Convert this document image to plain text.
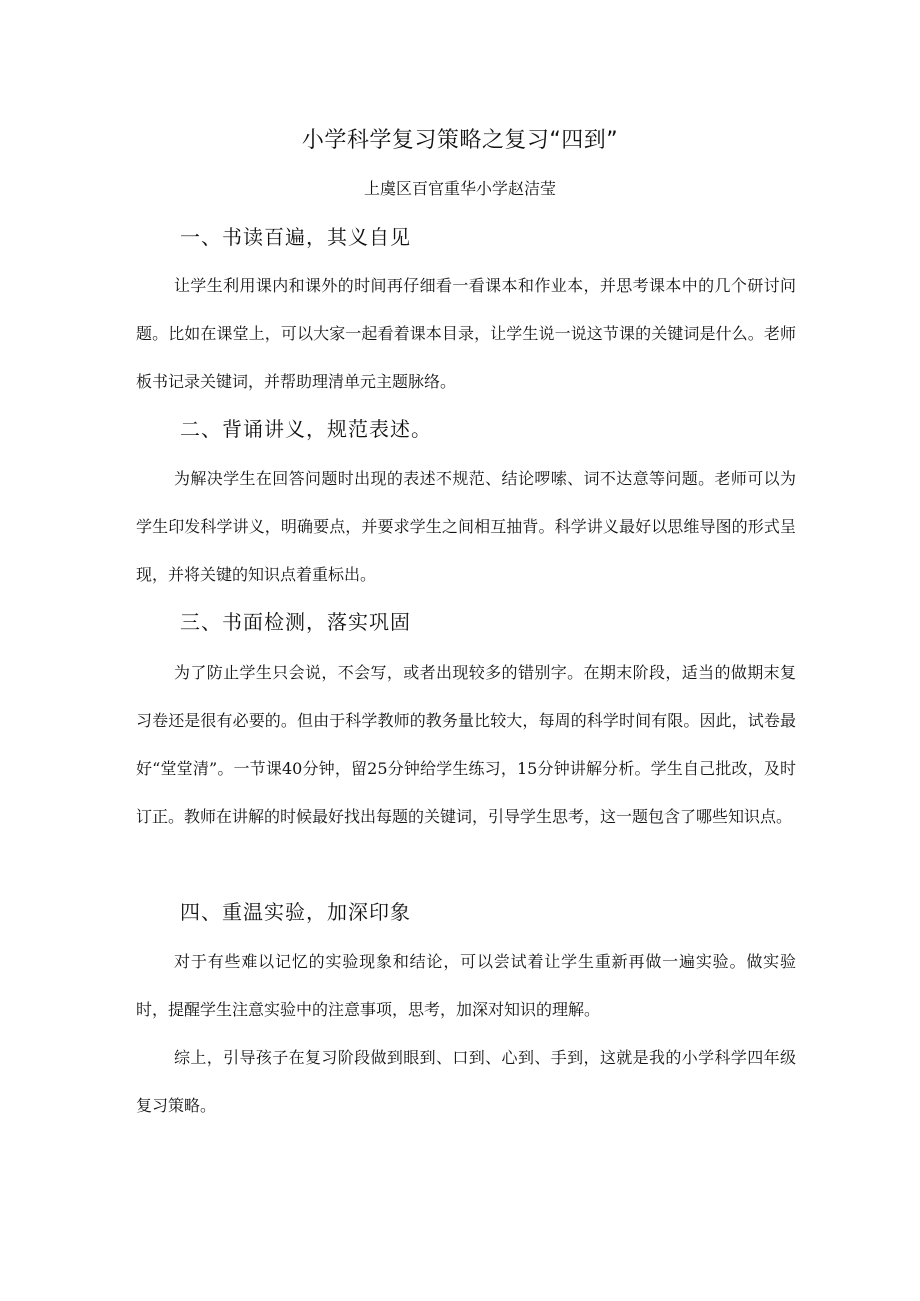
小学科学复习策略之复习“四到”

上虞区百官重华小学赵洁莹

一、书读百遍，其义自见

让学生利用课内和课外的时间再仔细看一看课本和作业本，并思考课本中的几个研讨问题。比如在课堂上，可以大家一起看着课本目录，让学生说一说这节课的关键词是什么。老师板书记录关键词，并帮助理清单元主题脉络。

二、背诵讲义，规范表述。

为解决学生在回答问题时出现的表述不规范、结论啰嗦、词不达意等问题。老师可以为学生印发科学讲义，明确要点，并要求学生之间相互抽背。科学讲义最好以思维导图的形式呈现，并将关键的知识点着重标出。

三、书面检测，落实巩固

为了防止学生只会说，不会写，或者出现较多的错别字。在期末阶段，适当的做期末复习卷还是很有必要的。但由于科学教师的教务量比较大，每周的科学时间有限。因此，试卷最好“堂堂清”。一节课40分钟，留25分钟给学生练习，15分钟讲解分析。学生自己批改，及时订正。教师在讲解的时候最好找出每题的关键词，引导学生思考，这一题包含了哪些知识点。

四、重温实验，加深印象

对于有些难以记忆的实验现象和结论，可以尝试着让学生重新再做一遍实验。做实验时，提醒学生注意实验中的注意事项，思考，加深对知识的理解。

综上，引导孩子在复习阶段做到眼到、口到、心到、手到，这就是我的小学科学四年级复习策略。
